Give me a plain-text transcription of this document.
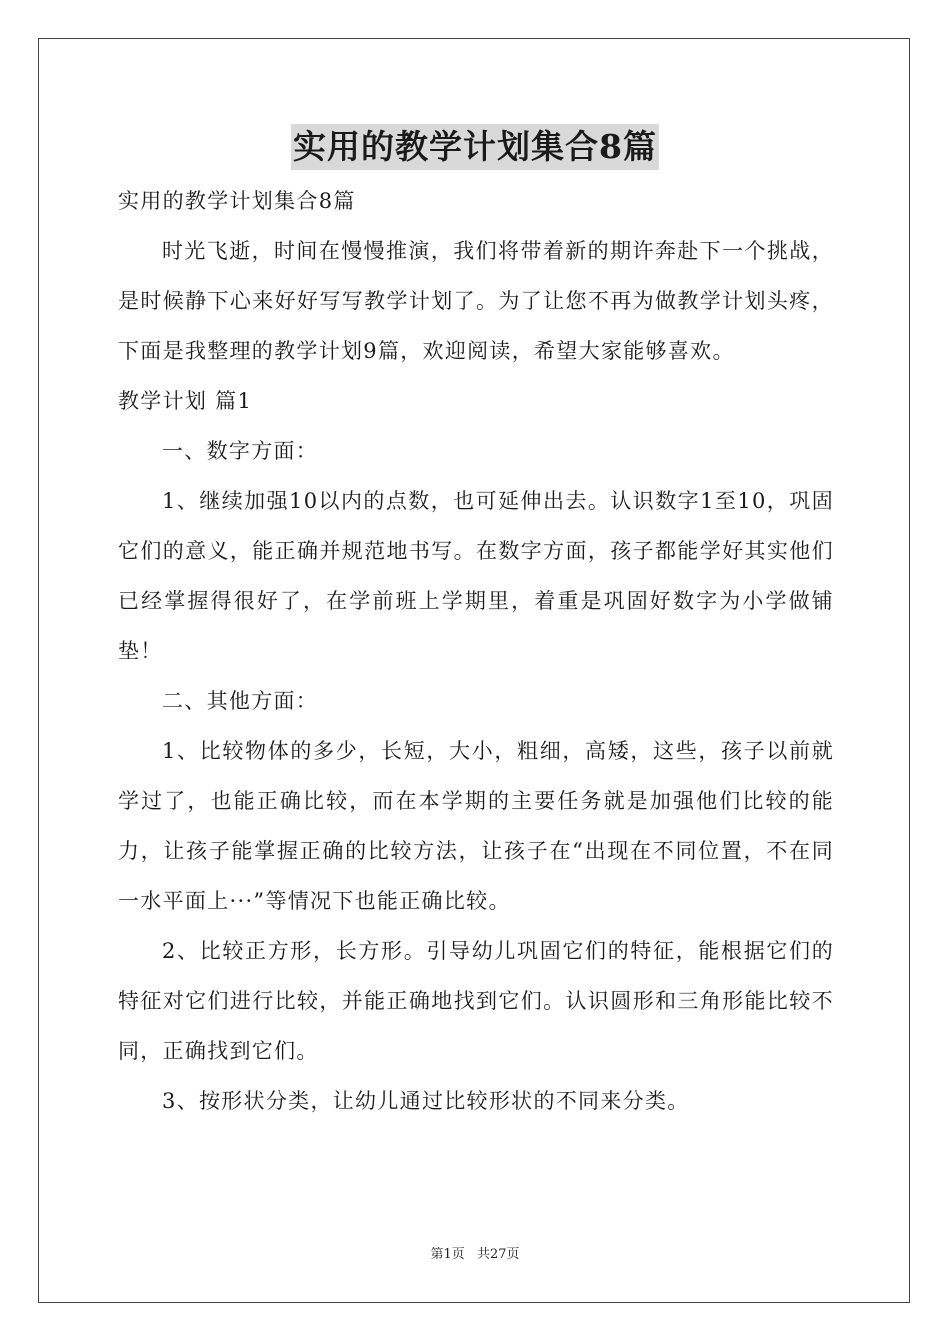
实用的教学计划集合8篇

实用的教学计划集合8篇

时光飞逝，时间在慢慢推演，我们将带着新的期许奔赴下一个挑战，是时候静下心来好好写写教学计划了。为了让您不再为做教学计划头疼，下面是我整理的教学计划9篇，欢迎阅读，希望大家能够喜欢。

教学计划 篇1

一、数字方面：

1、继续加强10以内的点数，也可延伸出去。认识数字1至10，巩固它们的意义，能正确并规范地书写。在数字方面，孩子都能学好其实他们已经掌握得很好了，在学前班上学期里，着重是巩固好数字为小学做铺垫！

二、其他方面：

1、比较物体的多少，长短，大小，粗细，高矮，这些，孩子以前就学过了，也能正确比较，而在本学期的主要任务就是加强他们比较的能力，让孩子能掌握正确的比较方法，让孩子在“出现在不同位置，不在同一水平面上···”等情况下也能正确比较。

2、比较正方形，长方形。引导幼儿巩固它们的特征，能根据它们的特征对它们进行比较，并能正确地找到它们。认识圆形和三角形能比较不同，正确找到它们。

3、按形状分类，让幼儿通过比较形状的不同来分类。

第1页 共27页
